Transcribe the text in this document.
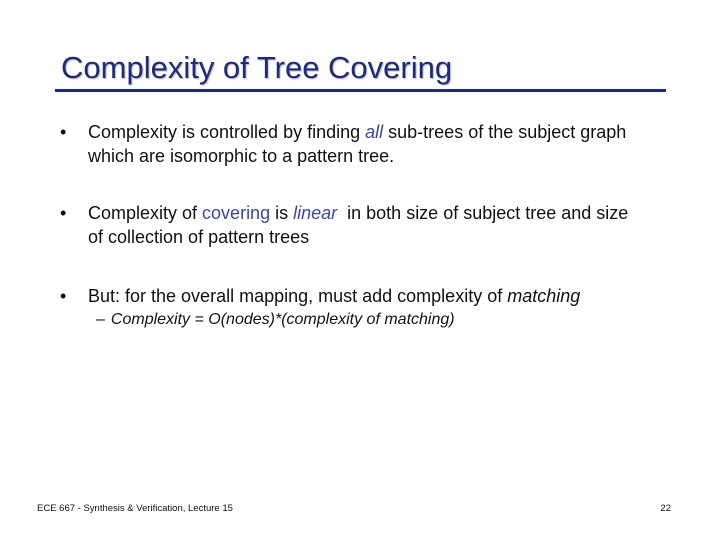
Complexity of Tree Covering
• Complexity is controlled by finding all sub-trees of the subject graph which are isomorphic to a pattern tree.
• Complexity of covering is linear  in both size of subject tree and size of collection of pattern trees
• But: for the overall mapping, must add complexity of matching
– Complexity = O(nodes)*(complexity of matching)
ECE 667 - Synthesis & Verification, Lecture 15	22
